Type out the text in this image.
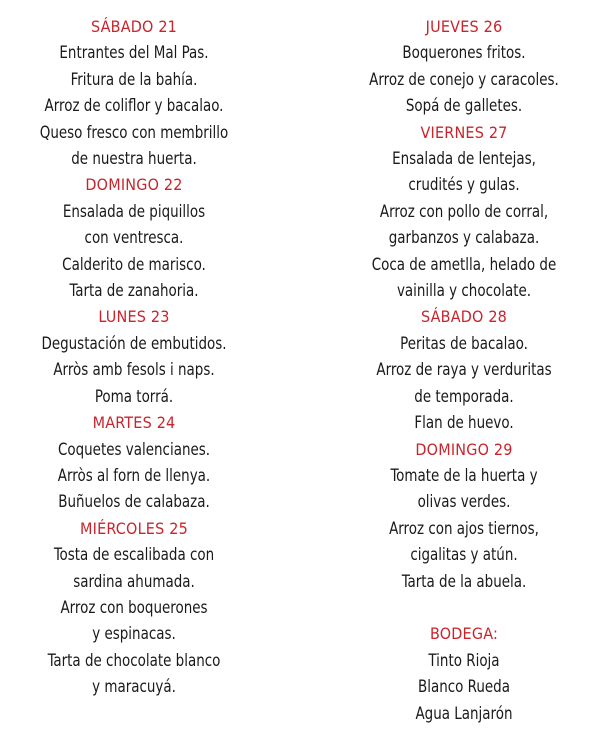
SÁBADO 21
Entrantes del Mal Pas.
Fritura de la bahía.
Arroz de coliflor y bacalao.
Queso fresco con membrillo
de nuestra huerta.
DOMINGO 22
Ensalada de piquillos
con ventresca.
Calderito de marisco.
Tarta de zanahoria.
LUNES 23
Degustación de embutidos.
Arròs amb fesols i naps.
Poma torrá.
MARTES 24
Coquetes valencianes.
Arròs al forn de llenya.
Buñuelos de calabaza.
MIÉRCOLES 25
Tosta de escalibada con
sardina ahumada.
Arroz con boquerones
y espinacas.
Tarta de chocolate blanco
y maracuyá.
JUEVES 26
Boquerones fritos.
Arroz de conejo y caracoles.
Sopá de galletes.
VIERNES 27
Ensalada de lentejas,
crudités y gulas.
Arroz con pollo de corral,
garbanzos y calabaza.
Coca de ametlla, helado de
vainilla y chocolate.
SÁBADO 28
Peritas de bacalao.
Arroz de raya y verduritas
de temporada.
Flan de huevo.
DOMINGO 29
Tomate de la huerta y
olivas verdes.
Arroz con ajos tiernos,
cigalitas y atún.
Tarta de la abuela.
BODEGA:
Tinto Rioja
Blanco Rueda
Agua Lanjarón
